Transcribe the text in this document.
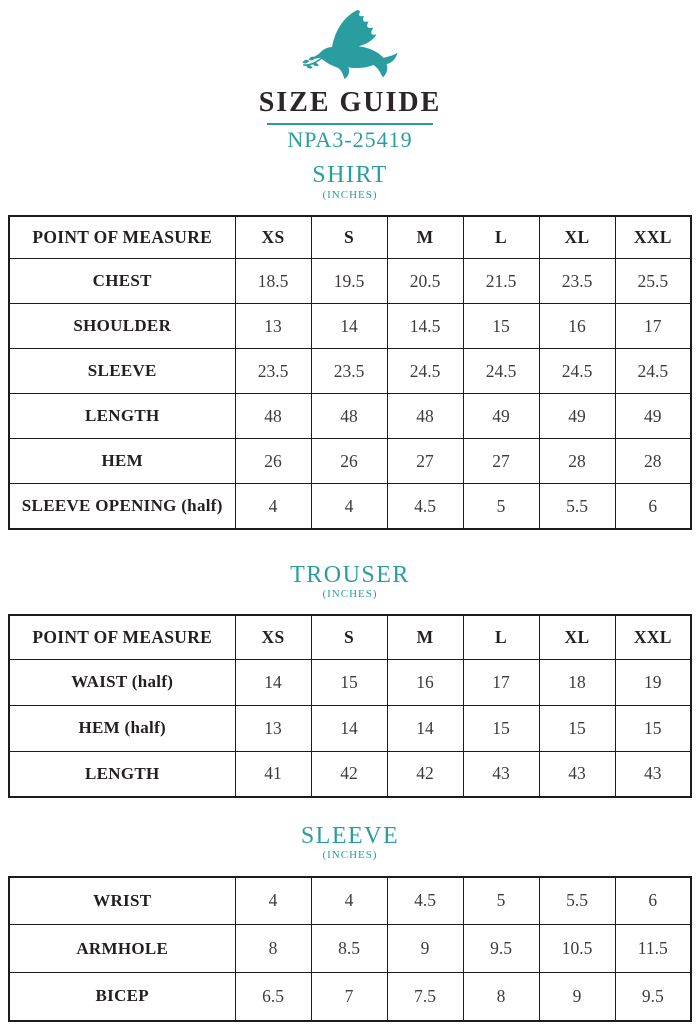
SIZE GUIDE
NPA3-25419
SHIRT
(INCHES)
POINT OF MEASURE	XS	S	M	L	XL	XXL
CHEST	18.5	19.5	20.5	21.5	23.5	25.5
SHOULDER	13	14	14.5	15	16	17
SLEEVE	23.5	23.5	24.5	24.5	24.5	24.5
LENGTH	48	48	48	49	49	49
HEM	26	26	27	27	28	28
SLEEVE OPENING (half)	4	4	4.5	5	5.5	6
TROUSER
(INCHES)
POINT OF MEASURE	XS	S	M	L	XL	XXL
WAIST (half)	14	15	16	17	18	19
HEM (half)	13	14	14	15	15	15
LENGTH	41	42	42	43	43	43
SLEEVE
(INCHES)
WRIST	4	4	4.5	5	5.5	6
ARMHOLE	8	8.5	9	9.5	10.5	11.5
BICEP	6.5	7	7.5	8	9	9.5
